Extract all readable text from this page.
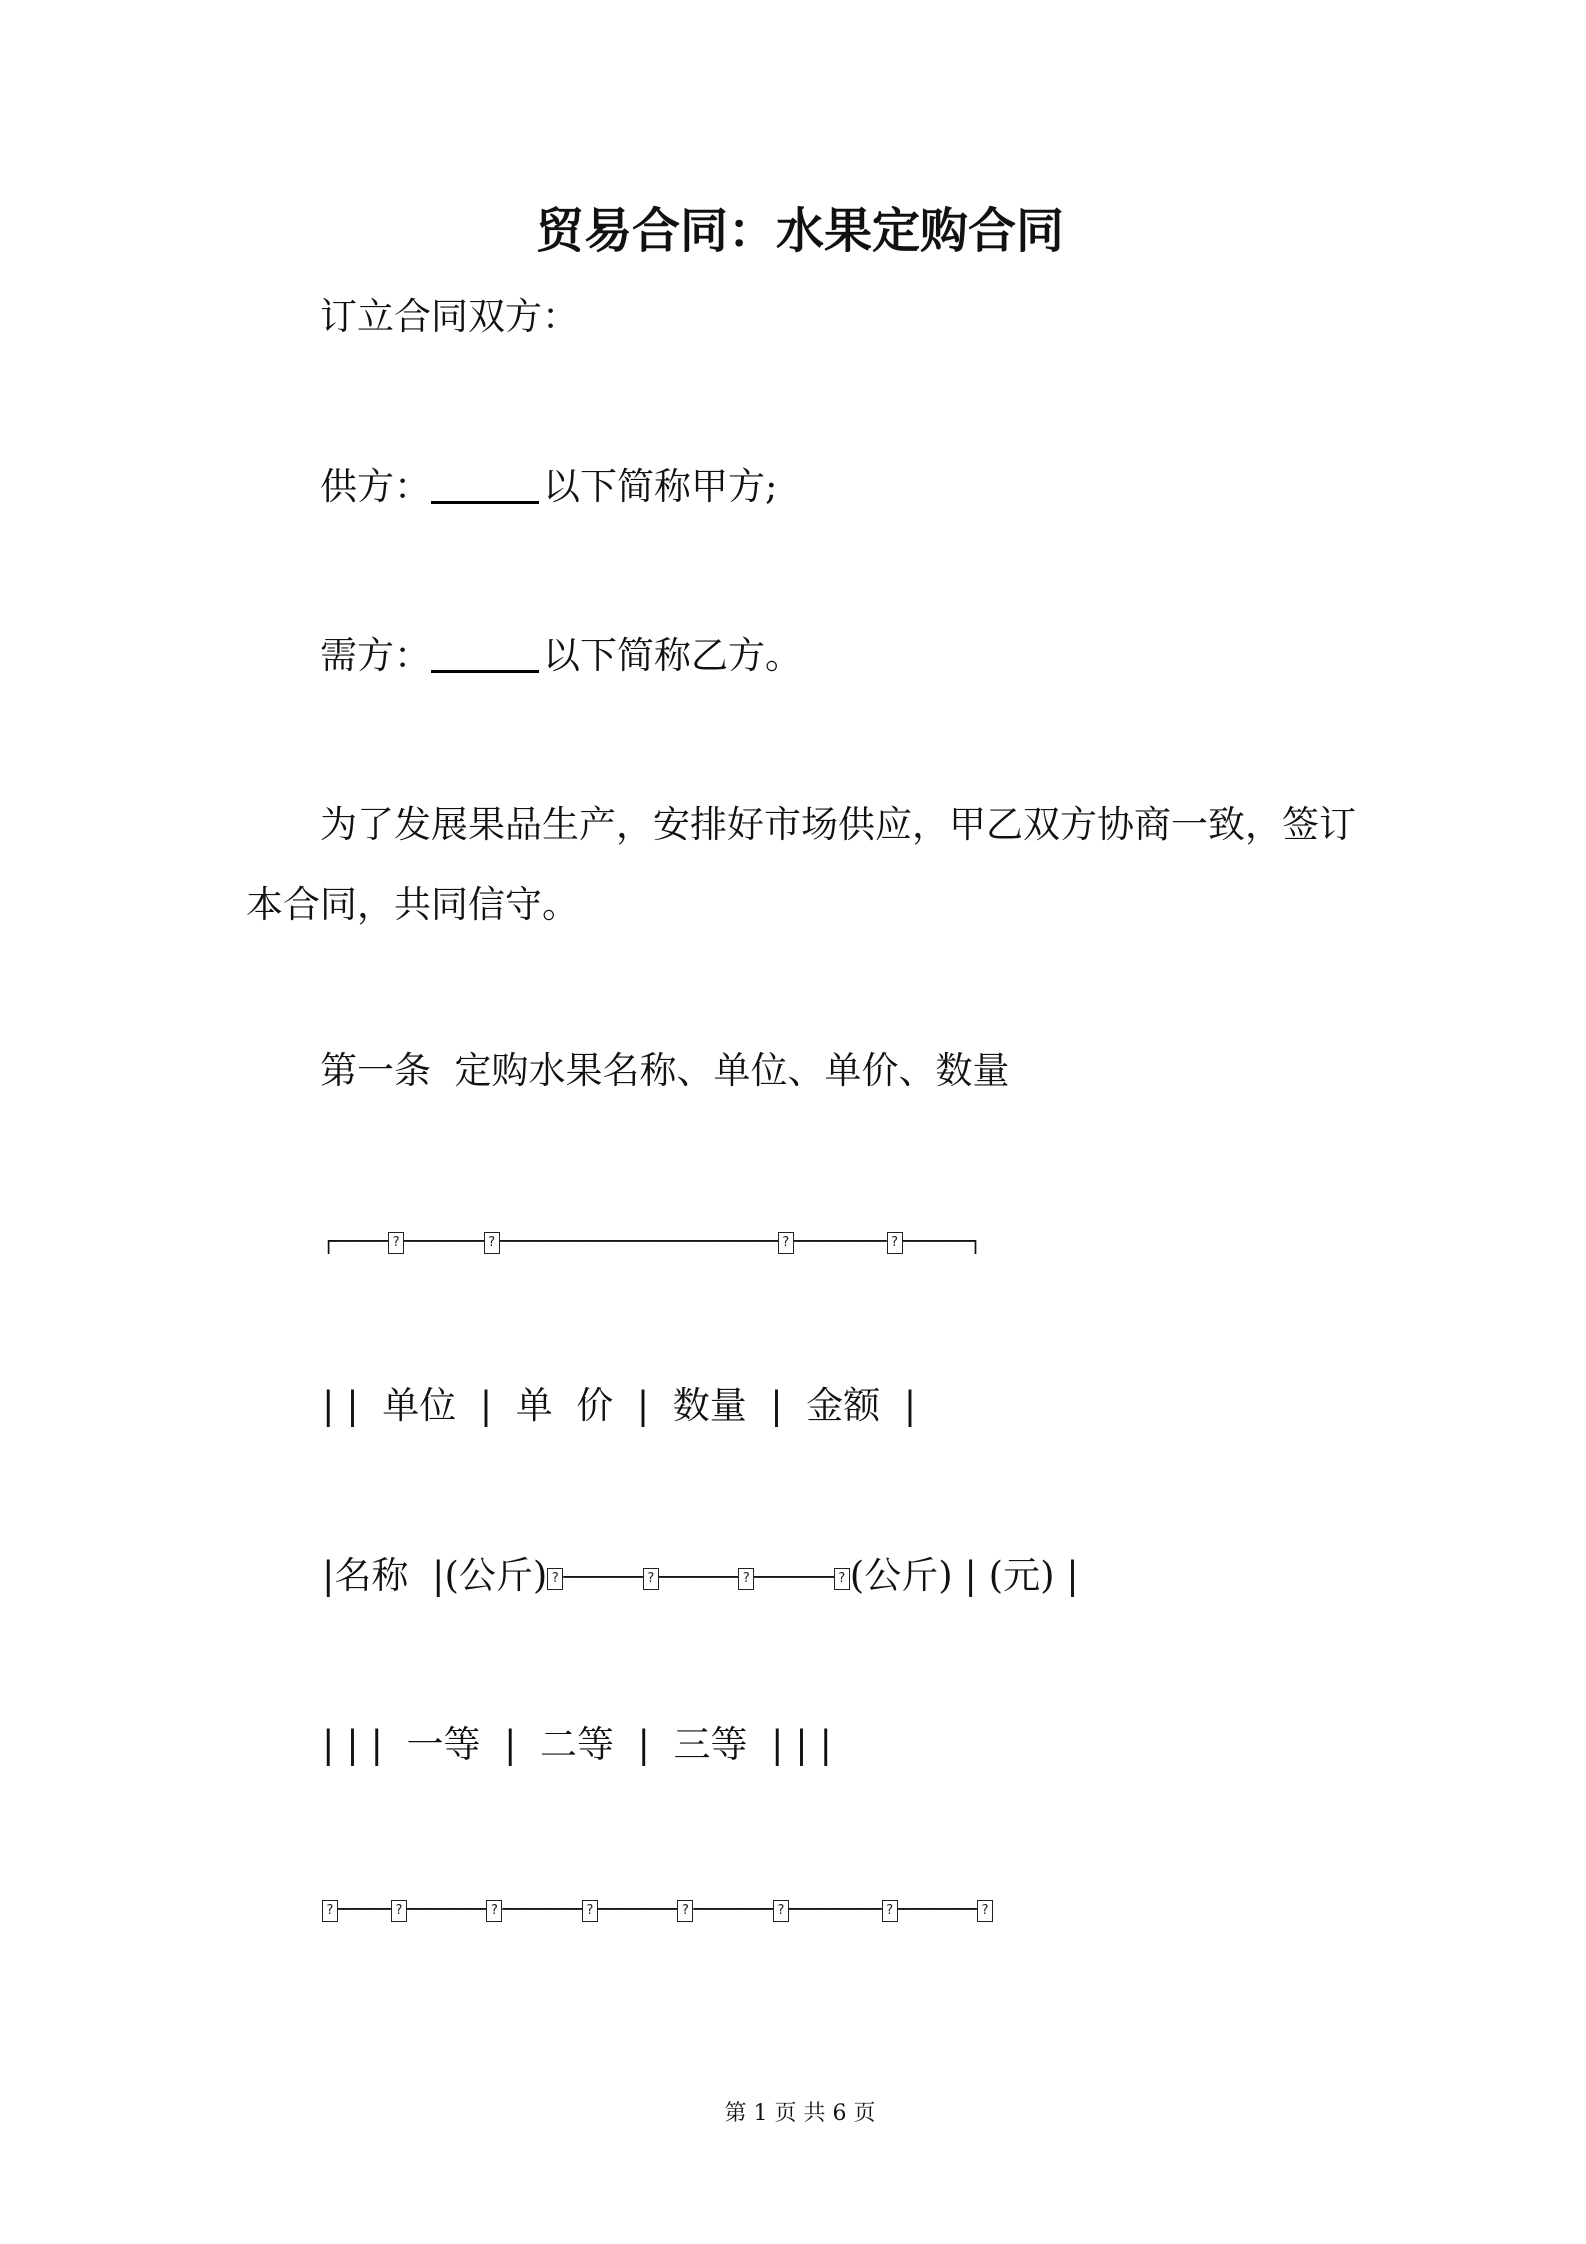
贸易合同：水果定购合同
订立合同双方：
供方：	以下简称甲方;
需方：	以下简称乙方。

为了发展果品生产，安排好市场供应，甲乙双方协商一致，签订本合同，共同信守。

第一条  定购水果名称、单位、单价、数量
┌──── ? ────── ? ───────────────────── ? ─────── ? ─────┐
| |  单位  |  单  价  |  数量  |  金额  |
|名称  |(公斤) ? ────── ? ────── ? ────── ? (公斤) | (元) |
| | |  一等  |  二等  |  三等  | | |
? ──── ? ────── ? ────── ? ────── ? ────── ? ─────── ? ────── ?
第 1 页 共 6 页
